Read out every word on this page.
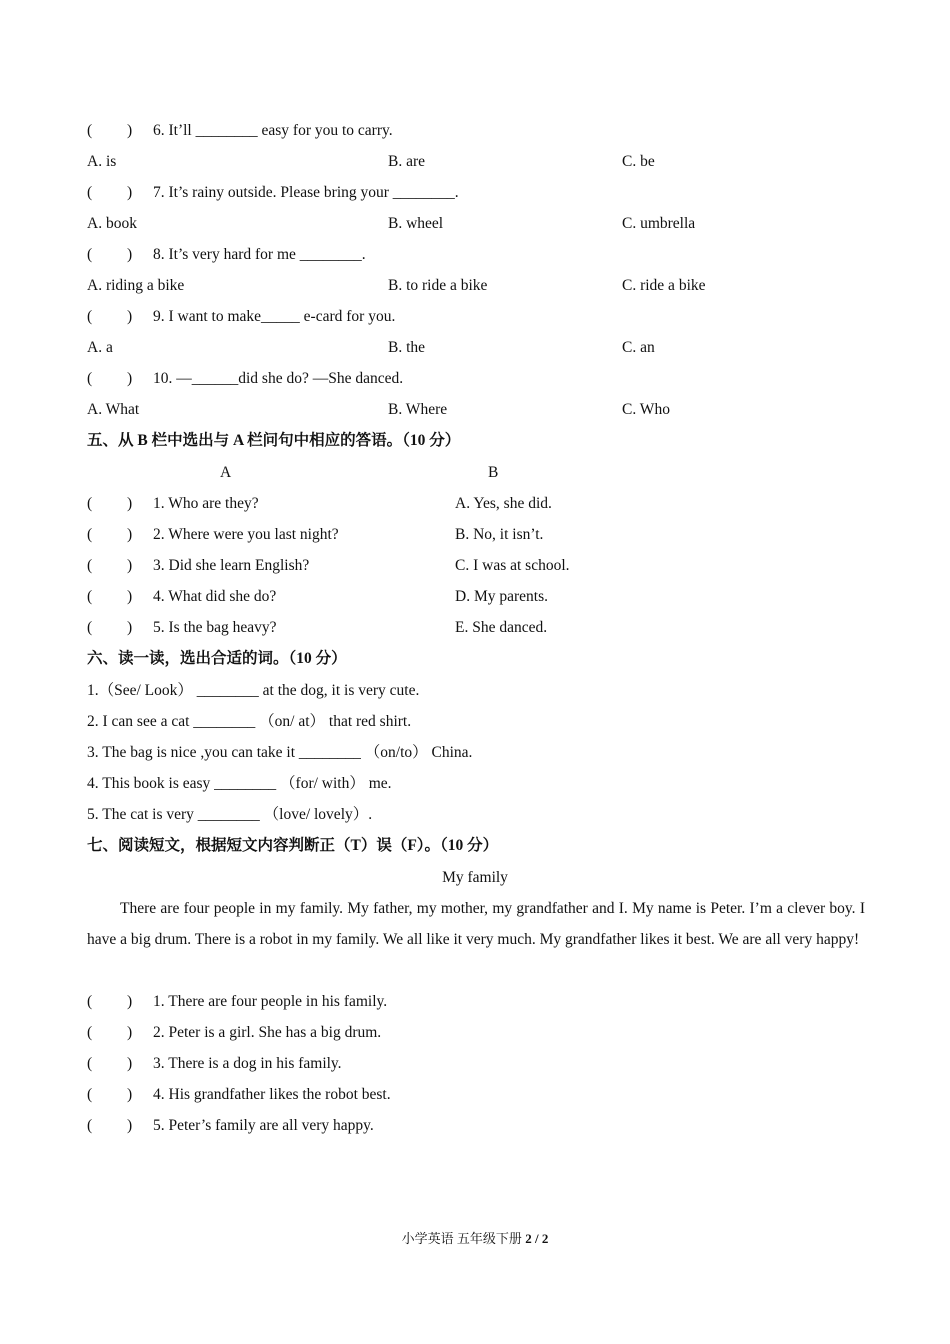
( ) 6. It’ll ________ easy for you to carry.
A. is	B. are	C. be
( ) 7. It’s rainy outside. Please bring your ________.
A. book	B. wheel	C. umbrella
( ) 8. It’s very hard for me ________.
A. riding a bike	B. to ride a bike	C. ride a bike
( ) 9. I want to make_____ e-card for you.
A. a	B. the	C. an
( ) 10. —______did she do? —She danced.
A. What	B. Where	C. Who
五、从 B 栏中选出与 A 栏问句中相应的答语。（10 分）
A	B
( ) 1. Who are they?	A. Yes, she did.
( ) 2. Where were you last night?	B. No, it isn’t.
( ) 3. Did she learn English?	C. I was at school.
( ) 4. What did she do?	D. My parents.
( ) 5. Is the bag heavy?	E. She danced.
六、读一读，选出合适的词。（10 分）
1.（See/ Look） ________ at the dog, it is very cute.
2. I can see a cat ________ （on/ at） that red shirt.
3. The bag is nice ,you can take it ________ （on/to） China.
4. This book is easy ________ （for/ with） me.
5. The cat is very ________ （love/ lovely）.
七、阅读短文，根据短文内容判断正（T）误（F）。（10 分）
My family
There are four people in my family. My father, my mother, my grandfather and I. My name is Peter. I’m a clever boy. I have a big drum. There is a robot in my family. We all like it very much. My grandfather likes it best. We are all very happy!
( ) 1. There are four people in his family.
( ) 2. Peter is a girl. She has a big drum.
( ) 3. There is a dog in his family.
( ) 4. His grandfather likes the robot best.
( ) 5. Peter’s family are all very happy.
小学英语 五年级下册 2 / 2
